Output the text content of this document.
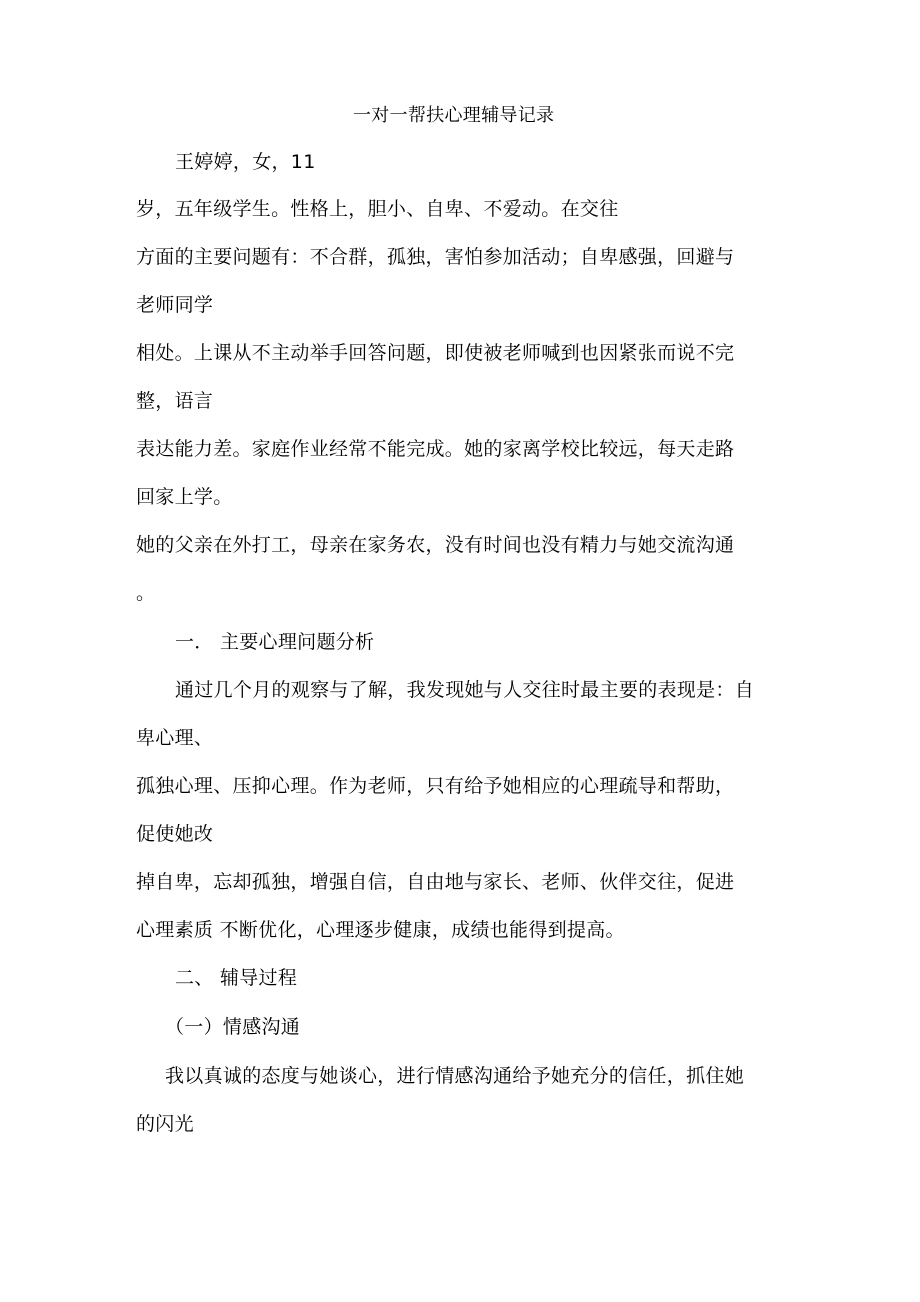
一对一帮扶心理辅导记录
王婷婷，女，11
岁，五年级学生。性格上，胆小、自卑、不爱动。在交往
方面的主要问题有：不合群，孤独，害怕参加活动；自卑感强，回避与
老师同学
相处。上课从不主动举手回答问题，即使被老师喊到也因紧张而说不完
整，语言
表达能力差。家庭作业经常不能完成。她的家离学校比较远，每天走路
回家上学。
她的父亲在外打工，母亲在家务农，没有时间也没有精力与她交流沟通
。
一． 主要心理问题分析
通过几个月的观察与了解，我发现她与人交往时最主要的表现是：自
卑心理、
孤独心理、压抑心理。作为老师，只有给予她相应的心理疏导和帮助，
促使她改
掉自卑，忘却孤独，增强自信，自由地与家长、老师、伙伴交往，促进
心理素质 不断优化，心理逐步健康，成绩也能得到提高。
二、 辅导过程
（一）情感沟通
我以真诚的态度与她谈心，进行情感沟通给予她充分的信任，抓住她
的闪光
